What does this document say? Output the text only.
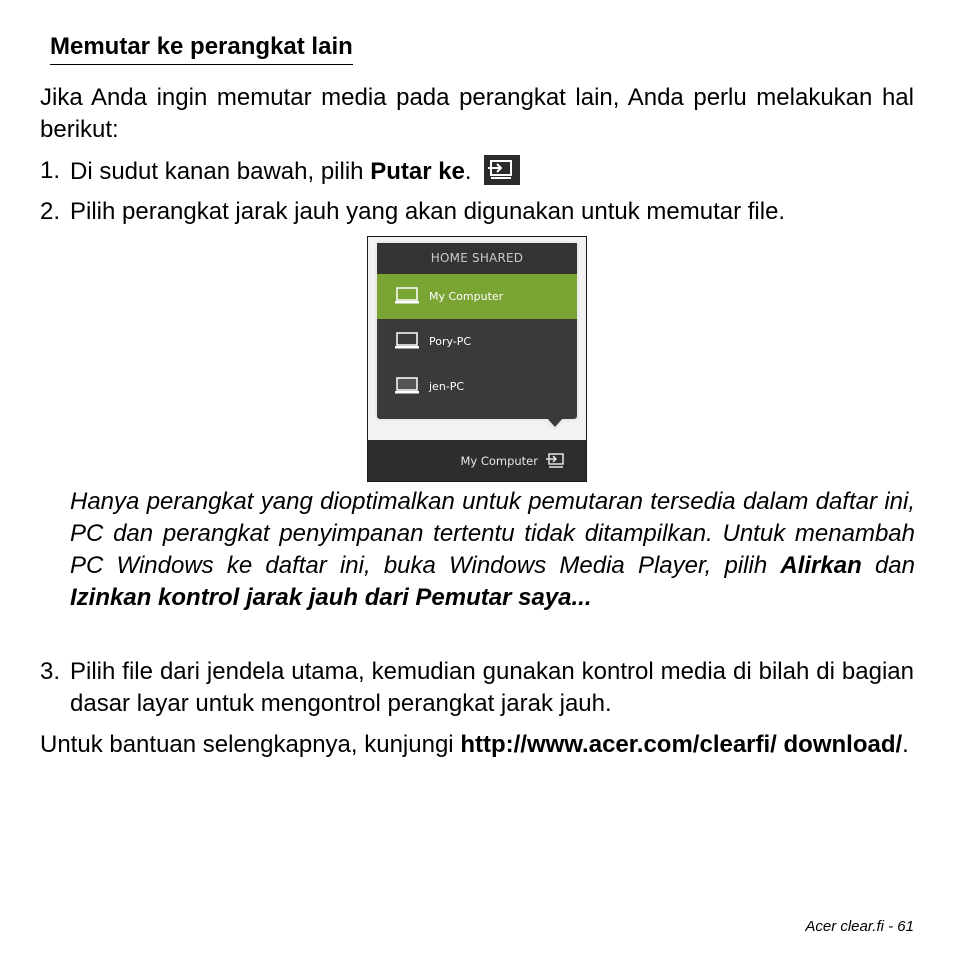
Memutar ke perangkat lain

Jika Anda ingin memutar media pada perangkat lain, Anda perlu melakukan hal berikut:

1. Di sudut kanan bawah, pilih Putar ke.
2. Pilih perangkat jarak jauh yang akan digunakan untuk memutar file.
HOME SHARED
My Computer
Pory-PC
jen-PC
My Computer

Hanya perangkat yang dioptimalkan untuk pemutaran tersedia dalam daftar ini, PC dan perangkat penyimpanan tertentu tidak ditampilkan. Untuk menambah PC Windows ke daftar ini, buka Windows Media Player, pilih Alirkan dan Izinkan kontrol jarak jauh dari Pemutar saya...

3. Pilih file dari jendela utama, kemudian gunakan kontrol media di bilah di bagian dasar layar untuk mengontrol perangkat jarak jauh.

Untuk bantuan selengkapnya, kunjungi http://www.acer.com/clearfi/ download/.

Acer clear.fi - 61
